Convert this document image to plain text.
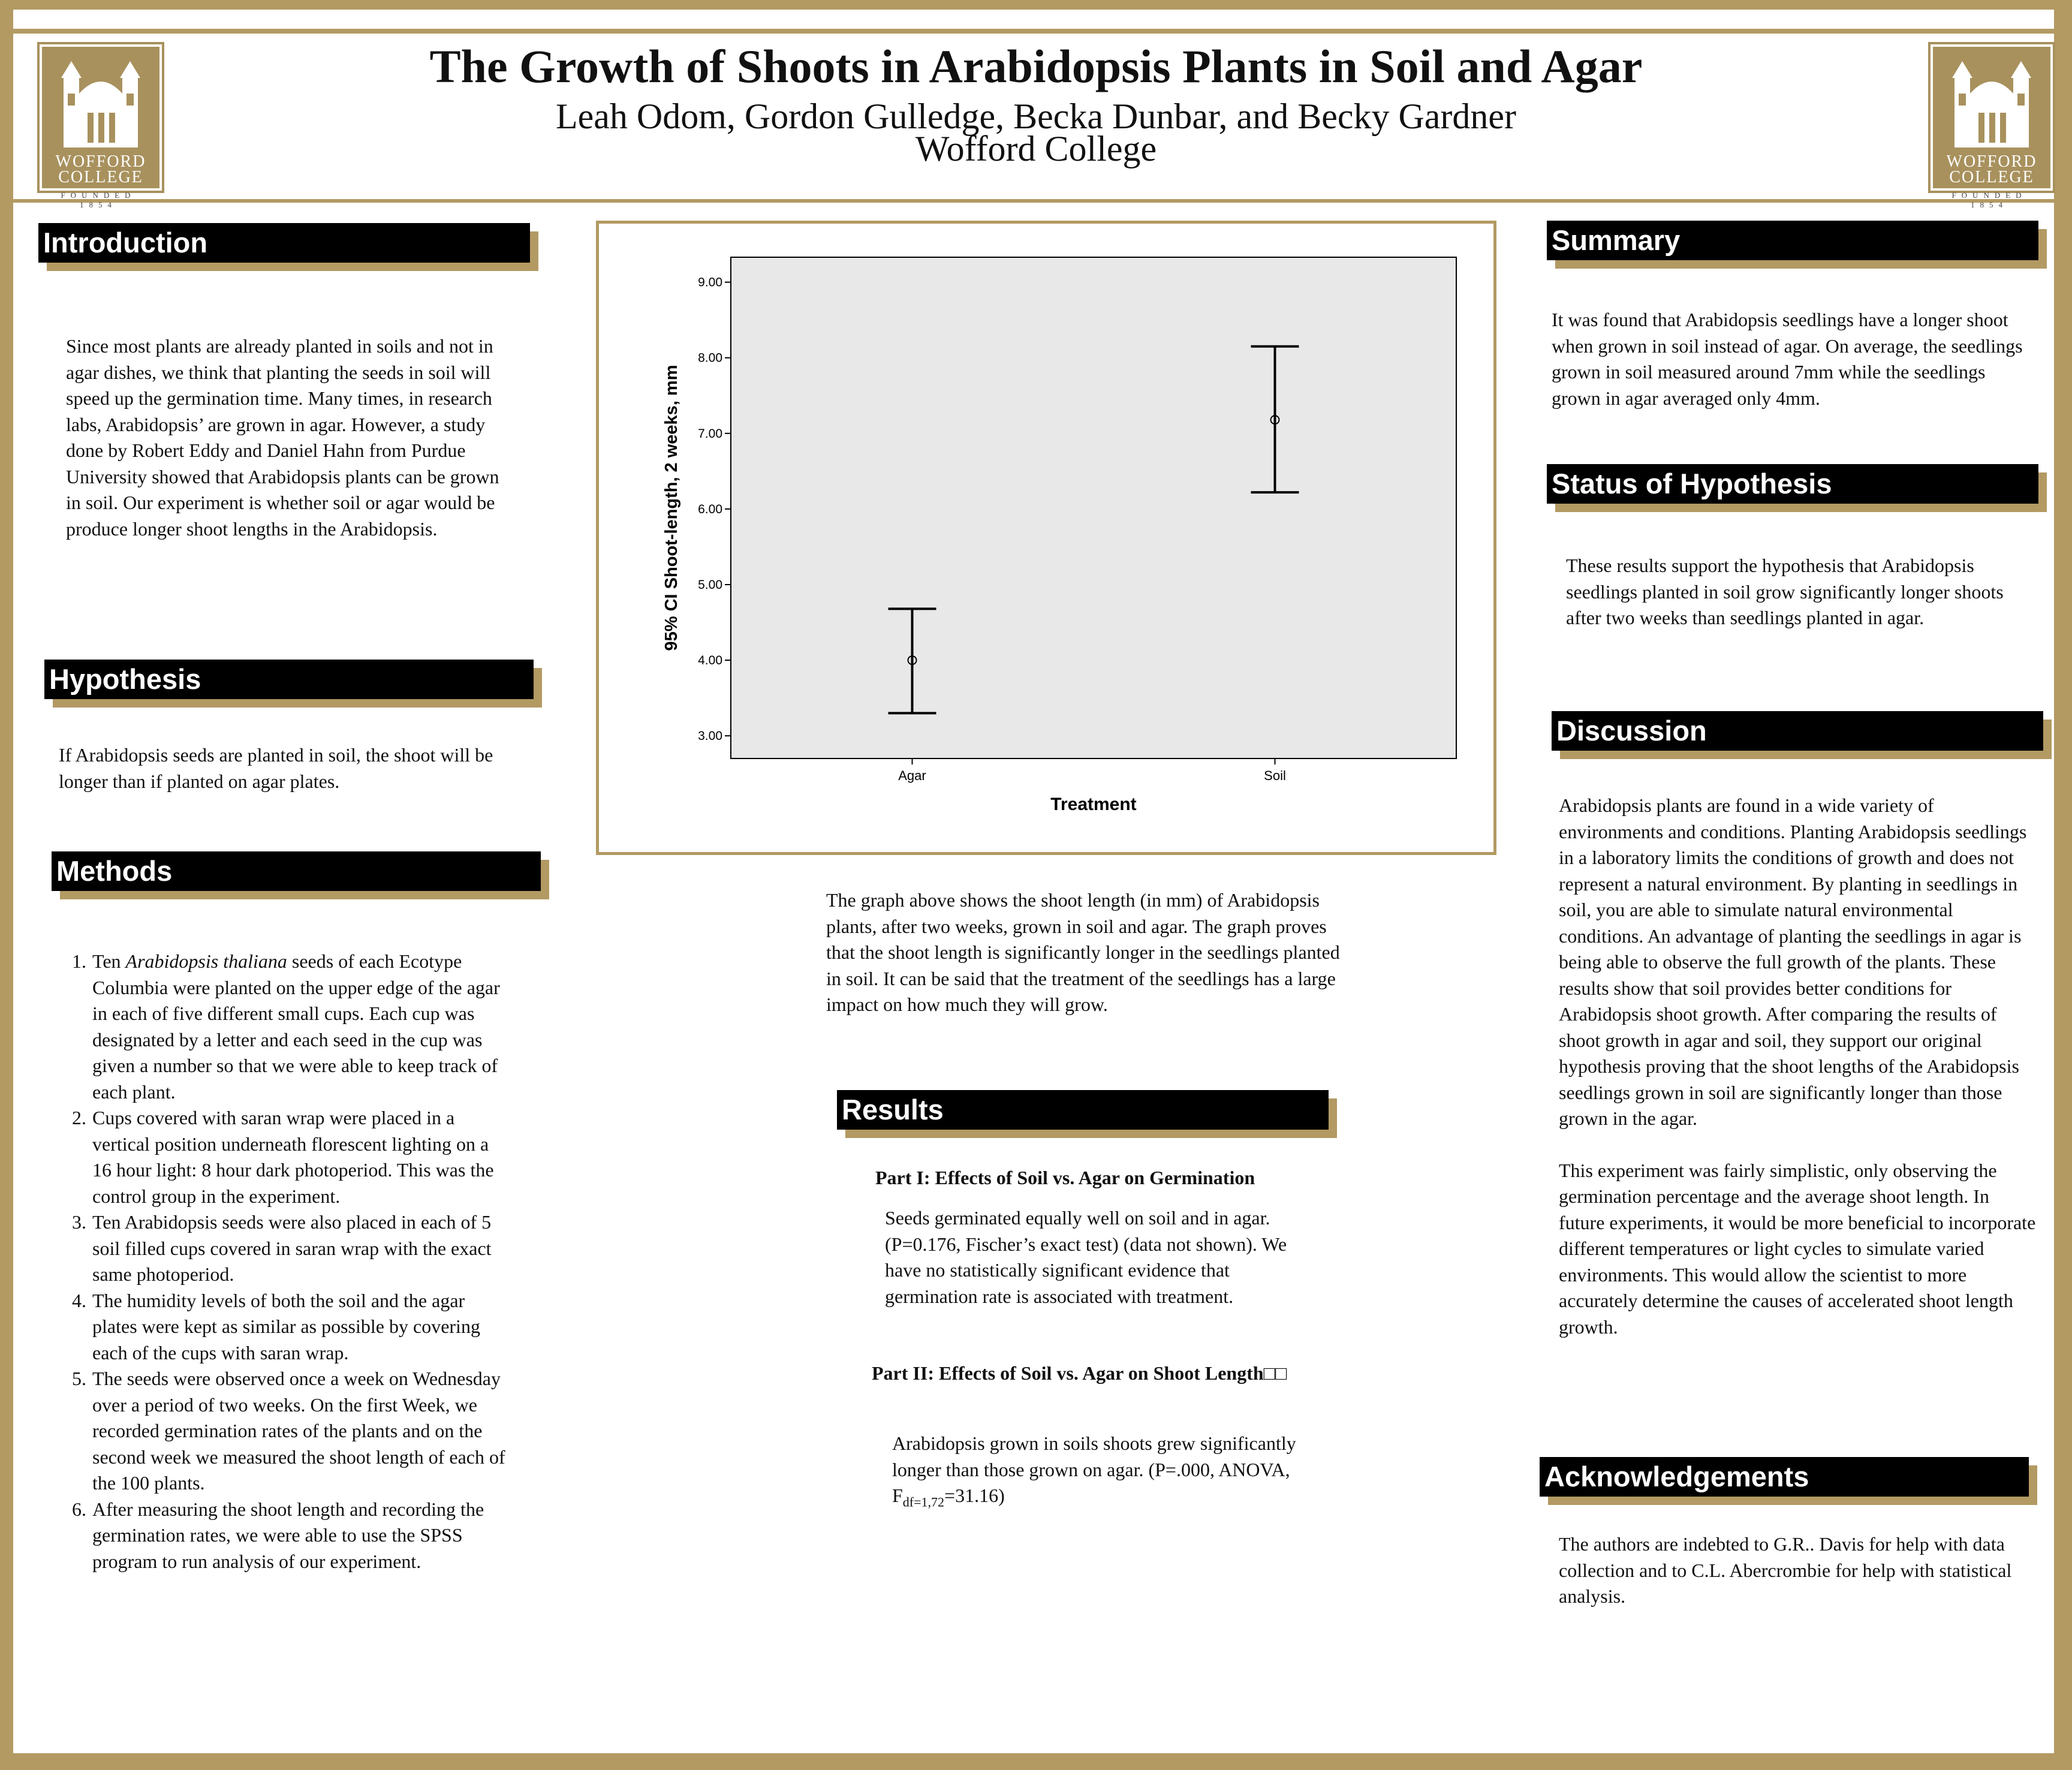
WOFFORD
COLLEGE
FOUNDED 1854
WOFFORD
COLLEGE
FOUNDED 1854
The Growth of Shoots in Arabidopsis Plants in Soil and Agar
Leah Odom, Gordon Gulledge, Becka Dunbar, and Becky Gardner
Wofford College
Introduction
Since most plants are already planted in soils and not in agar dishes, we think that planting the seeds in soil will speed up the germination time. Many times, in research labs, Arabidopsis’ are grown in agar. However, a study done by Robert Eddy and Daniel Hahn from Purdue University showed that Arabidopsis plants can be grown in soil. Our experiment is whether soil or agar would be produce longer shoot lengths in the Arabidopsis.
Hypothesis
If Arabidopsis seeds are planted in soil, the shoot will be longer than if planted on agar plates.
Methods
1. Ten Arabidopsis thaliana seeds of each Ecotype Columbia were planted on the upper edge of the agar in each of five different small cups. Each cup was designated by a letter and each seed in the cup was given a number so that we were able to keep track of each plant.
2. Cups covered with saran wrap were placed in a vertical position underneath florescent lighting on a 16 hour light: 8 hour dark photoperiod. This was the control group in the experiment.
3. Ten Arabidopsis seeds were also placed in each of 5 soil filled cups covered in saran wrap with the exact same photoperiod.
4. The humidity levels of both the soil and the agar plates were kept as similar as possible by covering each of the cups with saran wrap.
5. The seeds were observed once a week on Wednesday over a period of two weeks. On the first Week, we recorded germination rates of the plants and on the second week we measured the shoot length of each of the 100 plants.
6. After measuring the shoot length and recording the germination rates, we were able to use the SPSS program to run analysis of our experiment.
3.00
4.00
5.00
6.00
7.00
8.00
9.00
Agar	Soil
Treatment
95% CI Shoot-length, 2 weeks, mm
The graph above shows the shoot length (in mm) of Arabidopsis plants, after two weeks, grown in soil and agar. The graph proves that the shoot length is significantly longer in the seedlings planted in soil. It can be said that the treatment of the seedlings has a large impact on how much they will grow.
Results
Part I: Effects of Soil vs. Agar on Germination
Seeds germinated equally well on soil and in agar. (P=0.176, Fischer’s exact test) (data not shown). We have no statistically significant evidence that germination rate is associated with treatment.
Part II: Effects of Soil vs. Agar on Shoot Length□□
Arabidopsis grown in soils shoots grew significantly longer than those grown on agar. (P=.000, ANOVA, $F_{df=1,72}=31.16$)
Summary
It was found that Arabidopsis seedlings have a longer shoot when grown in soil instead of agar. On average, the seedlings grown in soil measured around 7mm while the seedlings grown in agar averaged only 4mm.
Status of Hypothesis
These results support the hypothesis that Arabidopsis seedlings planted in soil grow significantly longer shoots after two weeks than seedlings planted in agar.
Discussion

Arabidopsis plants are found in a wide variety of environments and conditions. Planting Arabidopsis seedlings in a laboratory limits the conditions of growth and does not represent a natural environment. By planting in seedlings in soil, you are able to simulate natural environmental conditions. An advantage of planting the seedlings in agar is being able to observe the full growth of the plants. These results show that soil provides better conditions for Arabidopsis shoot growth. After comparing the results of shoot growth in agar and soil, they support our original hypothesis proving that the shoot lengths of the Arabidopsis seedlings grown in soil are significantly longer than those grown in the agar.

This experiment was fairly simplistic, only observing the germination percentage and the average shoot length. In future experiments, it would be more beneficial to incorporate different temperatures or light cycles to simulate varied environments. This would allow the scientist to more accurately determine the causes of accelerated shoot length growth.

Acknowledgements
The authors are indebted to G.R.. Davis for help with data collection and to C.L. Abercrombie for help with statistical analysis.
